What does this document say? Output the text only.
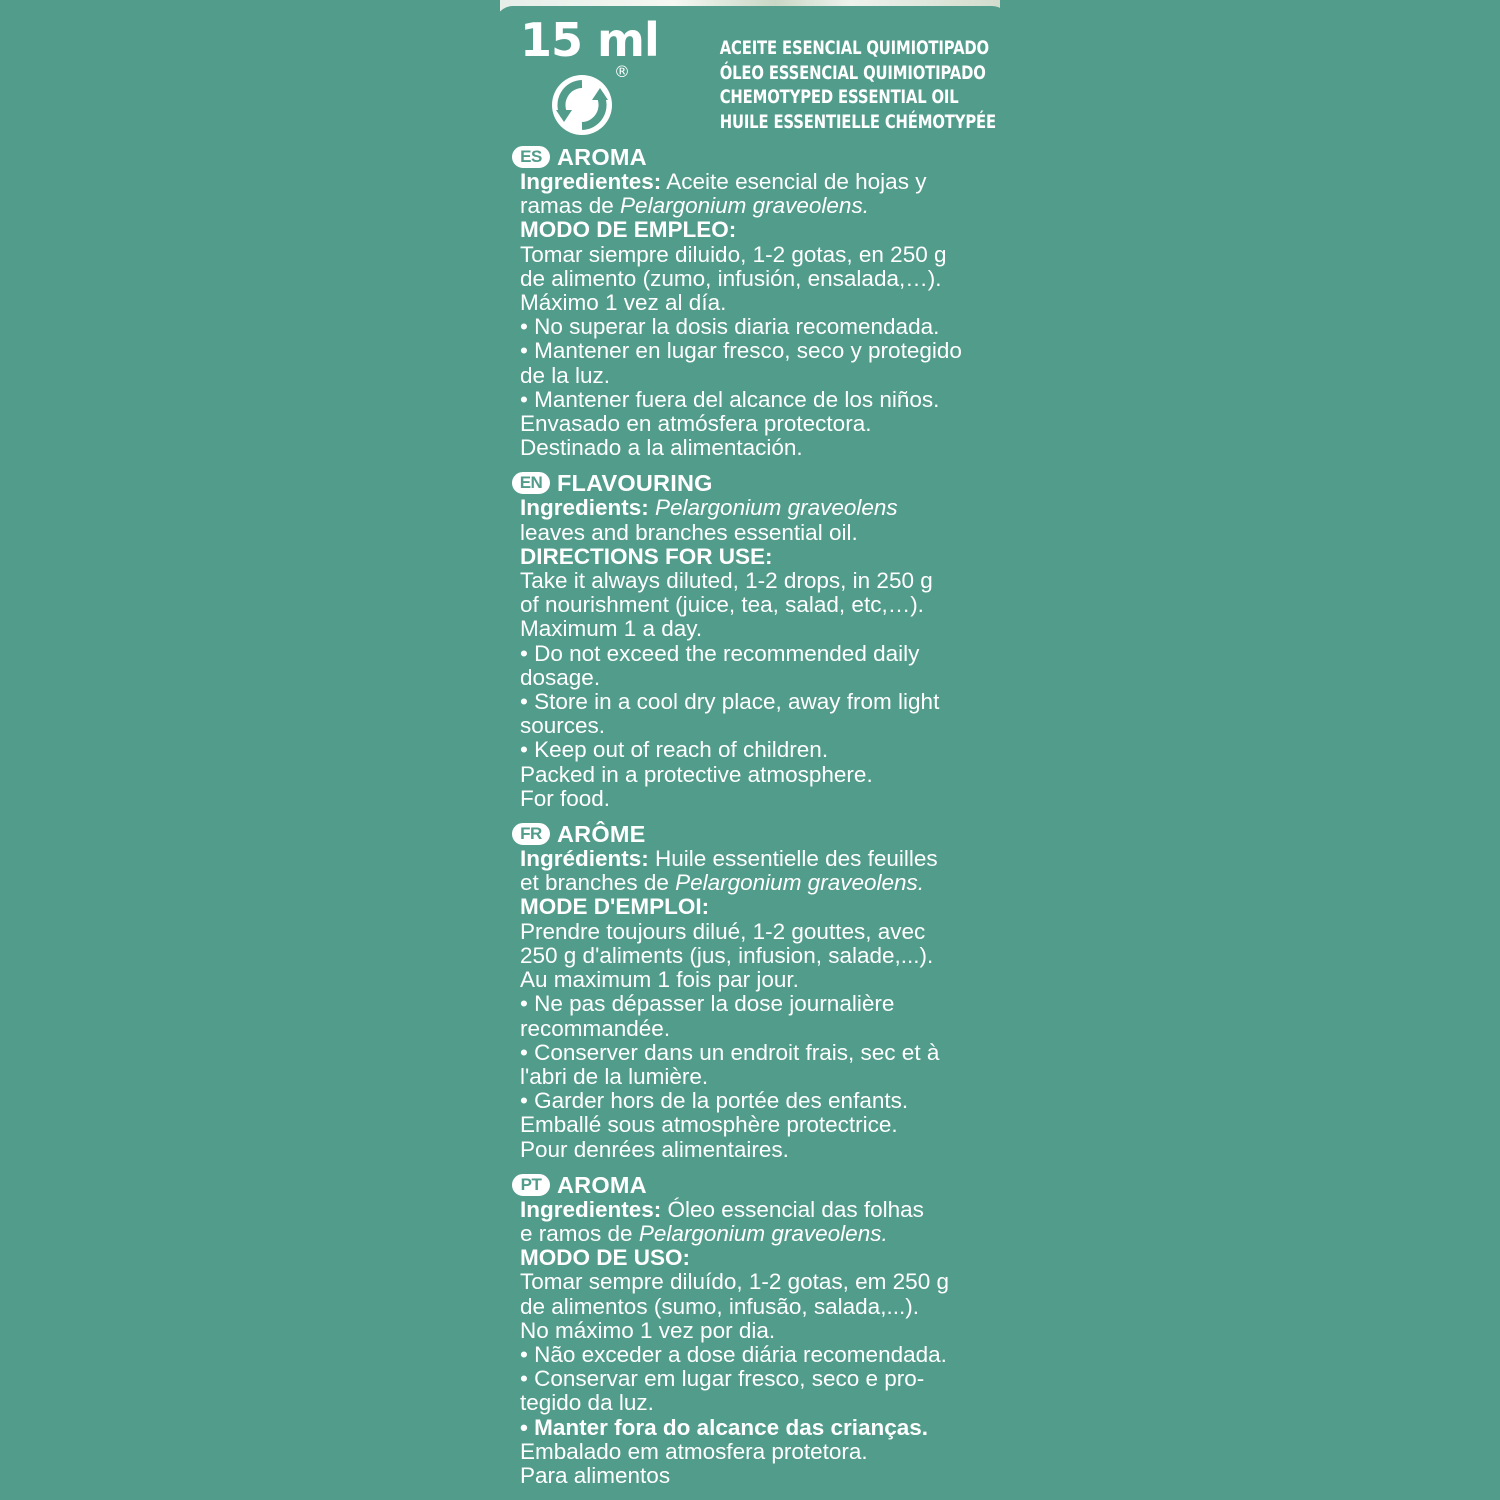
15 ml

®
ACEITE ESENCIAL QUIMIOTIPADO
ÓLEO ESSENCIAL QUIMIOTIPADO
CHEMOTYPED ESSENTIAL OIL
HUILE ESSENTIELLE CHÉMOTYPÉE
ES AROMA
Ingredientes: Aceite esencial de hojas y
ramas de Pelargonium graveolens.
MODO DE EMPLEO:
Tomar siempre diluido, 1-2 gotas, en 250 g
de alimento (zumo, infusión, ensalada,…).
Máximo 1 vez al día.
• No superar la dosis diaria recomendada.
• Mantener en lugar fresco, seco y protegido
de la luz.
• Mantener fuera del alcance de los niños.
Envasado en atmósfera protectora.
Destinado a la alimentación.
EN FLAVOURING
Ingredients: Pelargonium graveolens
leaves and branches essential oil.
DIRECTIONS FOR USE:
Take it always diluted, 1-2 drops, in 250 g
of nourishment (juice, tea, salad, etc,…).
Maximum 1 a day.
• Do not exceed the recommended daily
dosage.
• Store in a cool dry place, away from light
sources.
• Keep out of reach of children.
Packed in a protective atmosphere.
For food.
FR ARÔME
Ingrédients: Huile essentielle des feuilles
et branches de Pelargonium graveolens.
MODE D'EMPLOI:
Prendre toujours dilué, 1-2 gouttes, avec
250 g d'aliments (jus, infusion, salade,...).
Au maximum 1 fois par jour.
• Ne pas dépasser la dose journalière
recommandée.
• Conserver dans un endroit frais, sec et à
l'abri de la lumière.
• Garder hors de la portée des enfants.
Emballé sous atmosphère protectrice.
Pour denrées alimentaires.
PT AROMA
Ingredientes: Óleo essencial das folhas
e ramos de Pelargonium graveolens.
MODO DE USO:
Tomar sempre diluído, 1-2 gotas, em 250 g
de alimentos (sumo, infusão, salada,...).
No máximo 1 vez por dia.
• Não exceder a dose diária recomendada.
• Conservar em lugar fresco, seco e pro-
tegido da luz.
• Manter fora do alcance das crianças.
Embalado em atmosfera protetora.
Para alimentos
